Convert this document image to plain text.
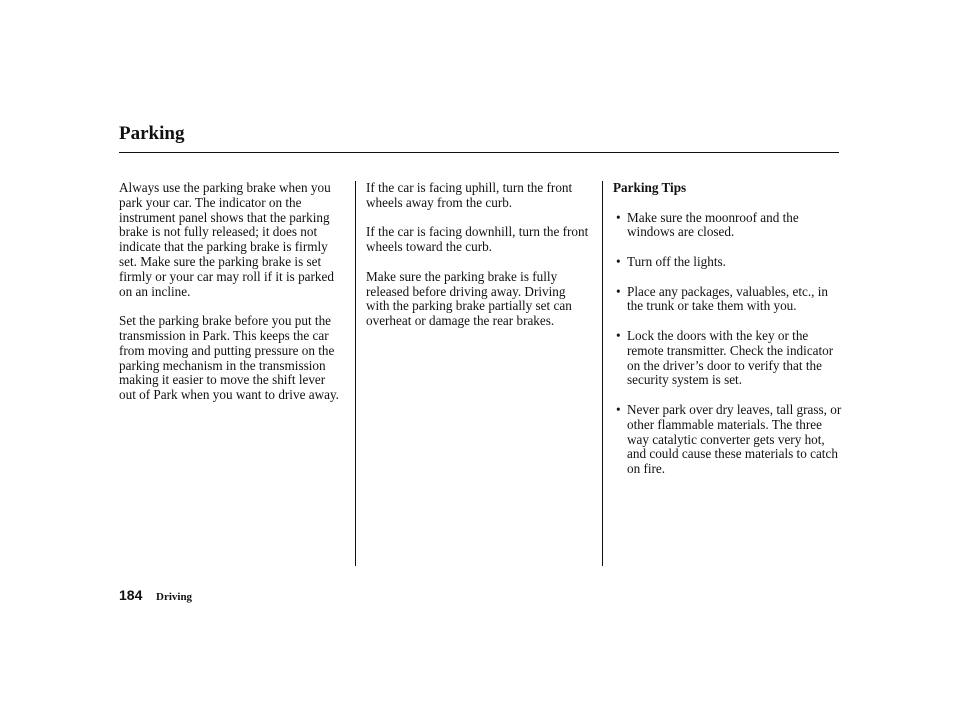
Parking

Always use the parking brake when you park your car. The indicator on the instrument panel shows that the parking brake is not fully released; it does not indicate that the parking brake is firmly set. Make sure the parking brake is set firmly or your car may roll if it is parked on an incline.

Set the parking brake before you put the transmission in Park. This keeps the car from moving and putting pressure on the parking mechanism in the transmission     making it easier to move the shift lever out of Park when you want to drive away.

If the car is facing uphill, turn the front wheels away from the curb.

If the car is facing downhill, turn the front wheels toward the curb.

Make sure the parking brake is fully released before driving away. Driving with the parking brake partially set can overheat or damage the rear brakes.

Parking Tips

• Make sure the moonroof and the windows are closed.
• Turn off the lights.
• Place any packages, valuables, etc., in the trunk or take them with you.
• Lock the doors with the key or the remote transmitter. Check the indicator on the driver’s door to verify that the security system is set.
• Never park over dry leaves, tall grass, or other flammable materials. The three way catalytic converter gets very hot, and could cause these materials to catch on fire.
184 Driving
